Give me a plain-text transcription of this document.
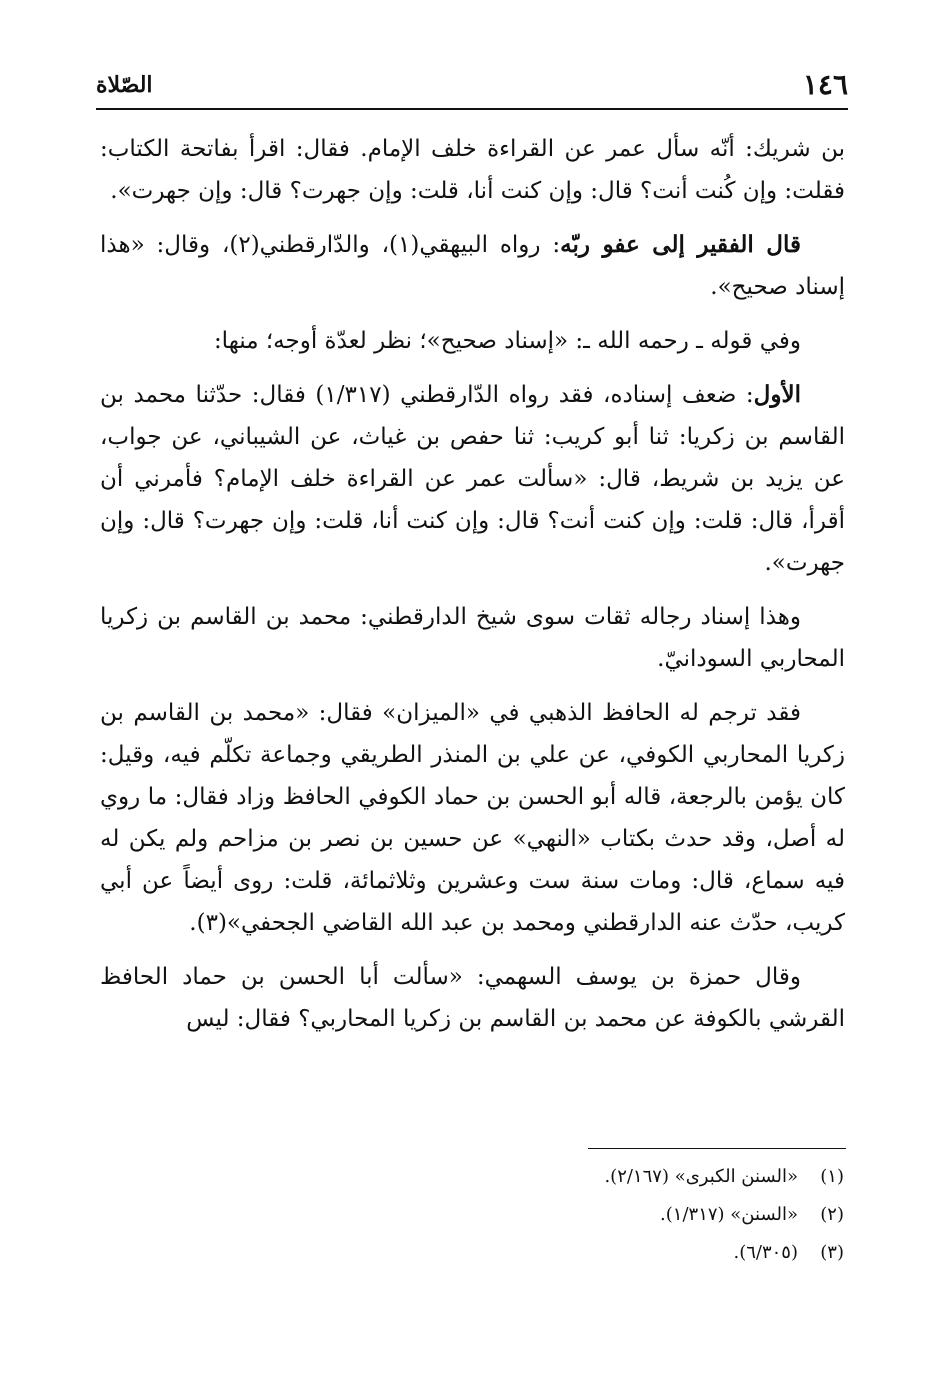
١٤٦
الصّلاة

بن شريك: أنّه سأل عمر عن القراءة خلف الإمام. فقال: اقرأ بفاتحة الكتاب: فقلت: وإن كُنت أنت؟ قال: وإن كنت أنا، قلت: وإن جهرت؟ قال: وإن جهرت».

قال الفقير إلى عفو ربّه: رواه البيهقي(١)، والدّارقطني(٢)، وقال: «هذا إسناد صحيح».

وفي قوله ـ رحمه الله ـ: «إسناد صحيح»؛ نظر لعدّة أوجه؛ منها:

الأول: ضعف إسناده، فقد رواه الدّارقطني (١/٣١٧) فقال: حدّثنا محمد بن القاسم بن زكريا: ثنا أبو كريب: ثنا حفص بن غياث، عن الشيباني، عن جواب، عن يزيد بن شريط، قال: «سألت عمر عن القراءة خلف الإمام؟ فأمرني أن أقرأ، قال: قلت: وإن كنت أنت؟ قال: وإن كنت أنا، قلت: وإن جهرت؟ قال: وإن جهرت».

وهذا إسناد رجاله ثقات سوى شيخ الدارقطني: محمد بن القاسم بن زكريا المحاربي السودانيّ.

فقد ترجم له الحافظ الذهبي في «الميزان» فقال: «محمد بن القاسم بن زكريا المحاربي الكوفي، عن علي بن المنذر الطريقي وجماعة تكلّم فيه، وقيل: كان يؤمن بالرجعة، قاله أبو الحسن بن حماد الكوفي الحافظ وزاد فقال: ما روي له أصل، وقد حدث بكتاب «النهي» عن حسين بن نصر بن مزاحم ولم يكن له فيه سماع، قال: ومات سنة ست وعشرين وثلاثمائة، قلت: روى أيضاً عن أبي كريب، حدّث عنه الدارقطني ومحمد بن عبد الله القاضي الجحفي»(٣).

وقال حمزة بن يوسف السهمي: «سألت أبا الحسن بن حماد الحافظ القرشي بالكوفة عن محمد بن القاسم بن زكريا المحاربي؟ فقال: ليس

(١)«السنن الكبرى» (٢/١٦٧).
(٢)«السنن» (١/٣١٧).
(٣)(٦/٣٠٥).
